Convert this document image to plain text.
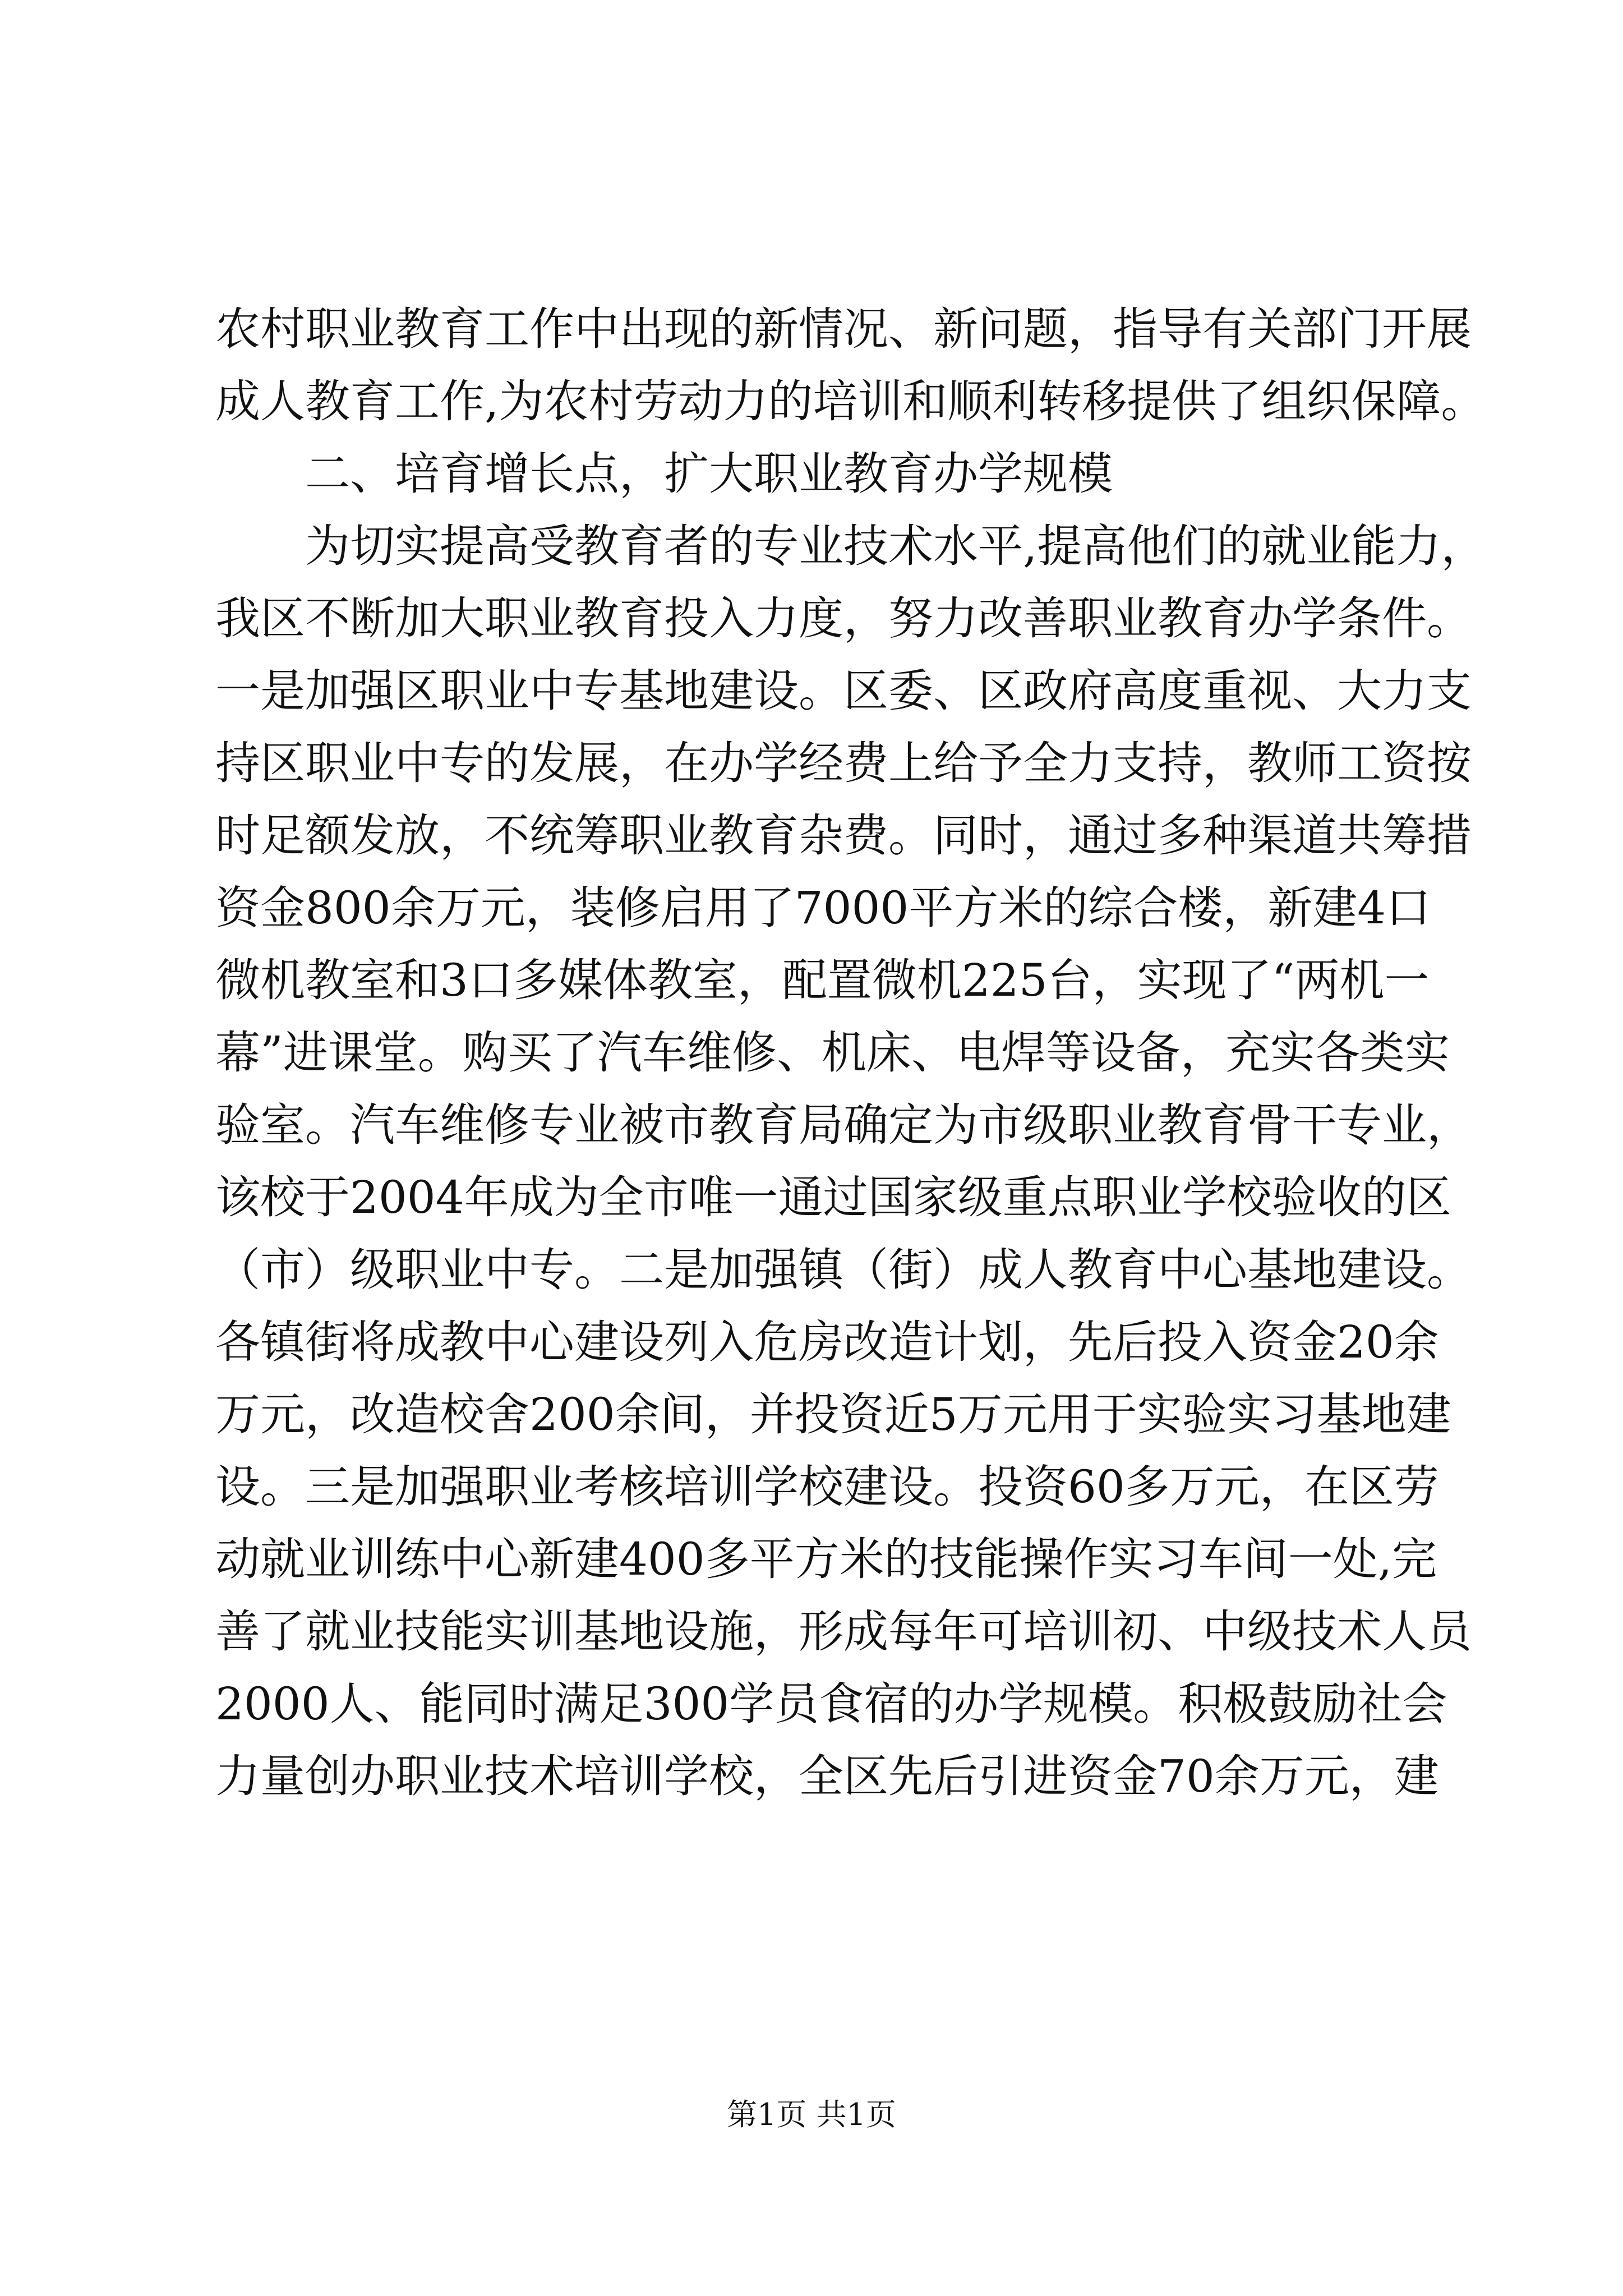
农村职业教育工作中出现的新情况、新问题，指导有关部门开展
成人教育工作,为农村劳动力的培训和顺利转移提供了组织保障。
二、培育增长点，扩大职业教育办学规模
为切实提高受教育者的专业技术水平,提高他们的就业能力，
我区不断加大职业教育投入力度，努力改善职业教育办学条件。
一是加强区职业中专基地建设。区委、区政府高度重视、大力支
持区职业中专的发展，在办学经费上给予全力支持，教师工资按
时足额发放，不统筹职业教育杂费。同时，通过多种渠道共筹措
资金800余万元，装修启用了7000平方米的综合楼，新建4口
微机教室和3口多媒体教室，配置微机225台，实现了“两机一
幕”进课堂。购买了汽车维修、机床、电焊等设备，充实各类实
验室。汽车维修专业被市教育局确定为市级职业教育骨干专业，
该校于2004年成为全市唯一通过国家级重点职业学校验收的区
（市）级职业中专。二是加强镇（街）成人教育中心基地建设。
各镇街将成教中心建设列入危房改造计划，先后投入资金20余
万元，改造校舍200余间，并投资近5万元用于实验实习基地建
设。三是加强职业考核培训学校建设。投资60多万元，在区劳
动就业训练中心新建400多平方米的技能操作实习车间一处,完
善了就业技能实训基地设施，形成每年可培训初、中级技术人员
2000人、能同时满足300学员食宿的办学规模。积极鼓励社会
力量创办职业技术培训学校，全区先后引进资金70余万元，建
第1页 共1页
